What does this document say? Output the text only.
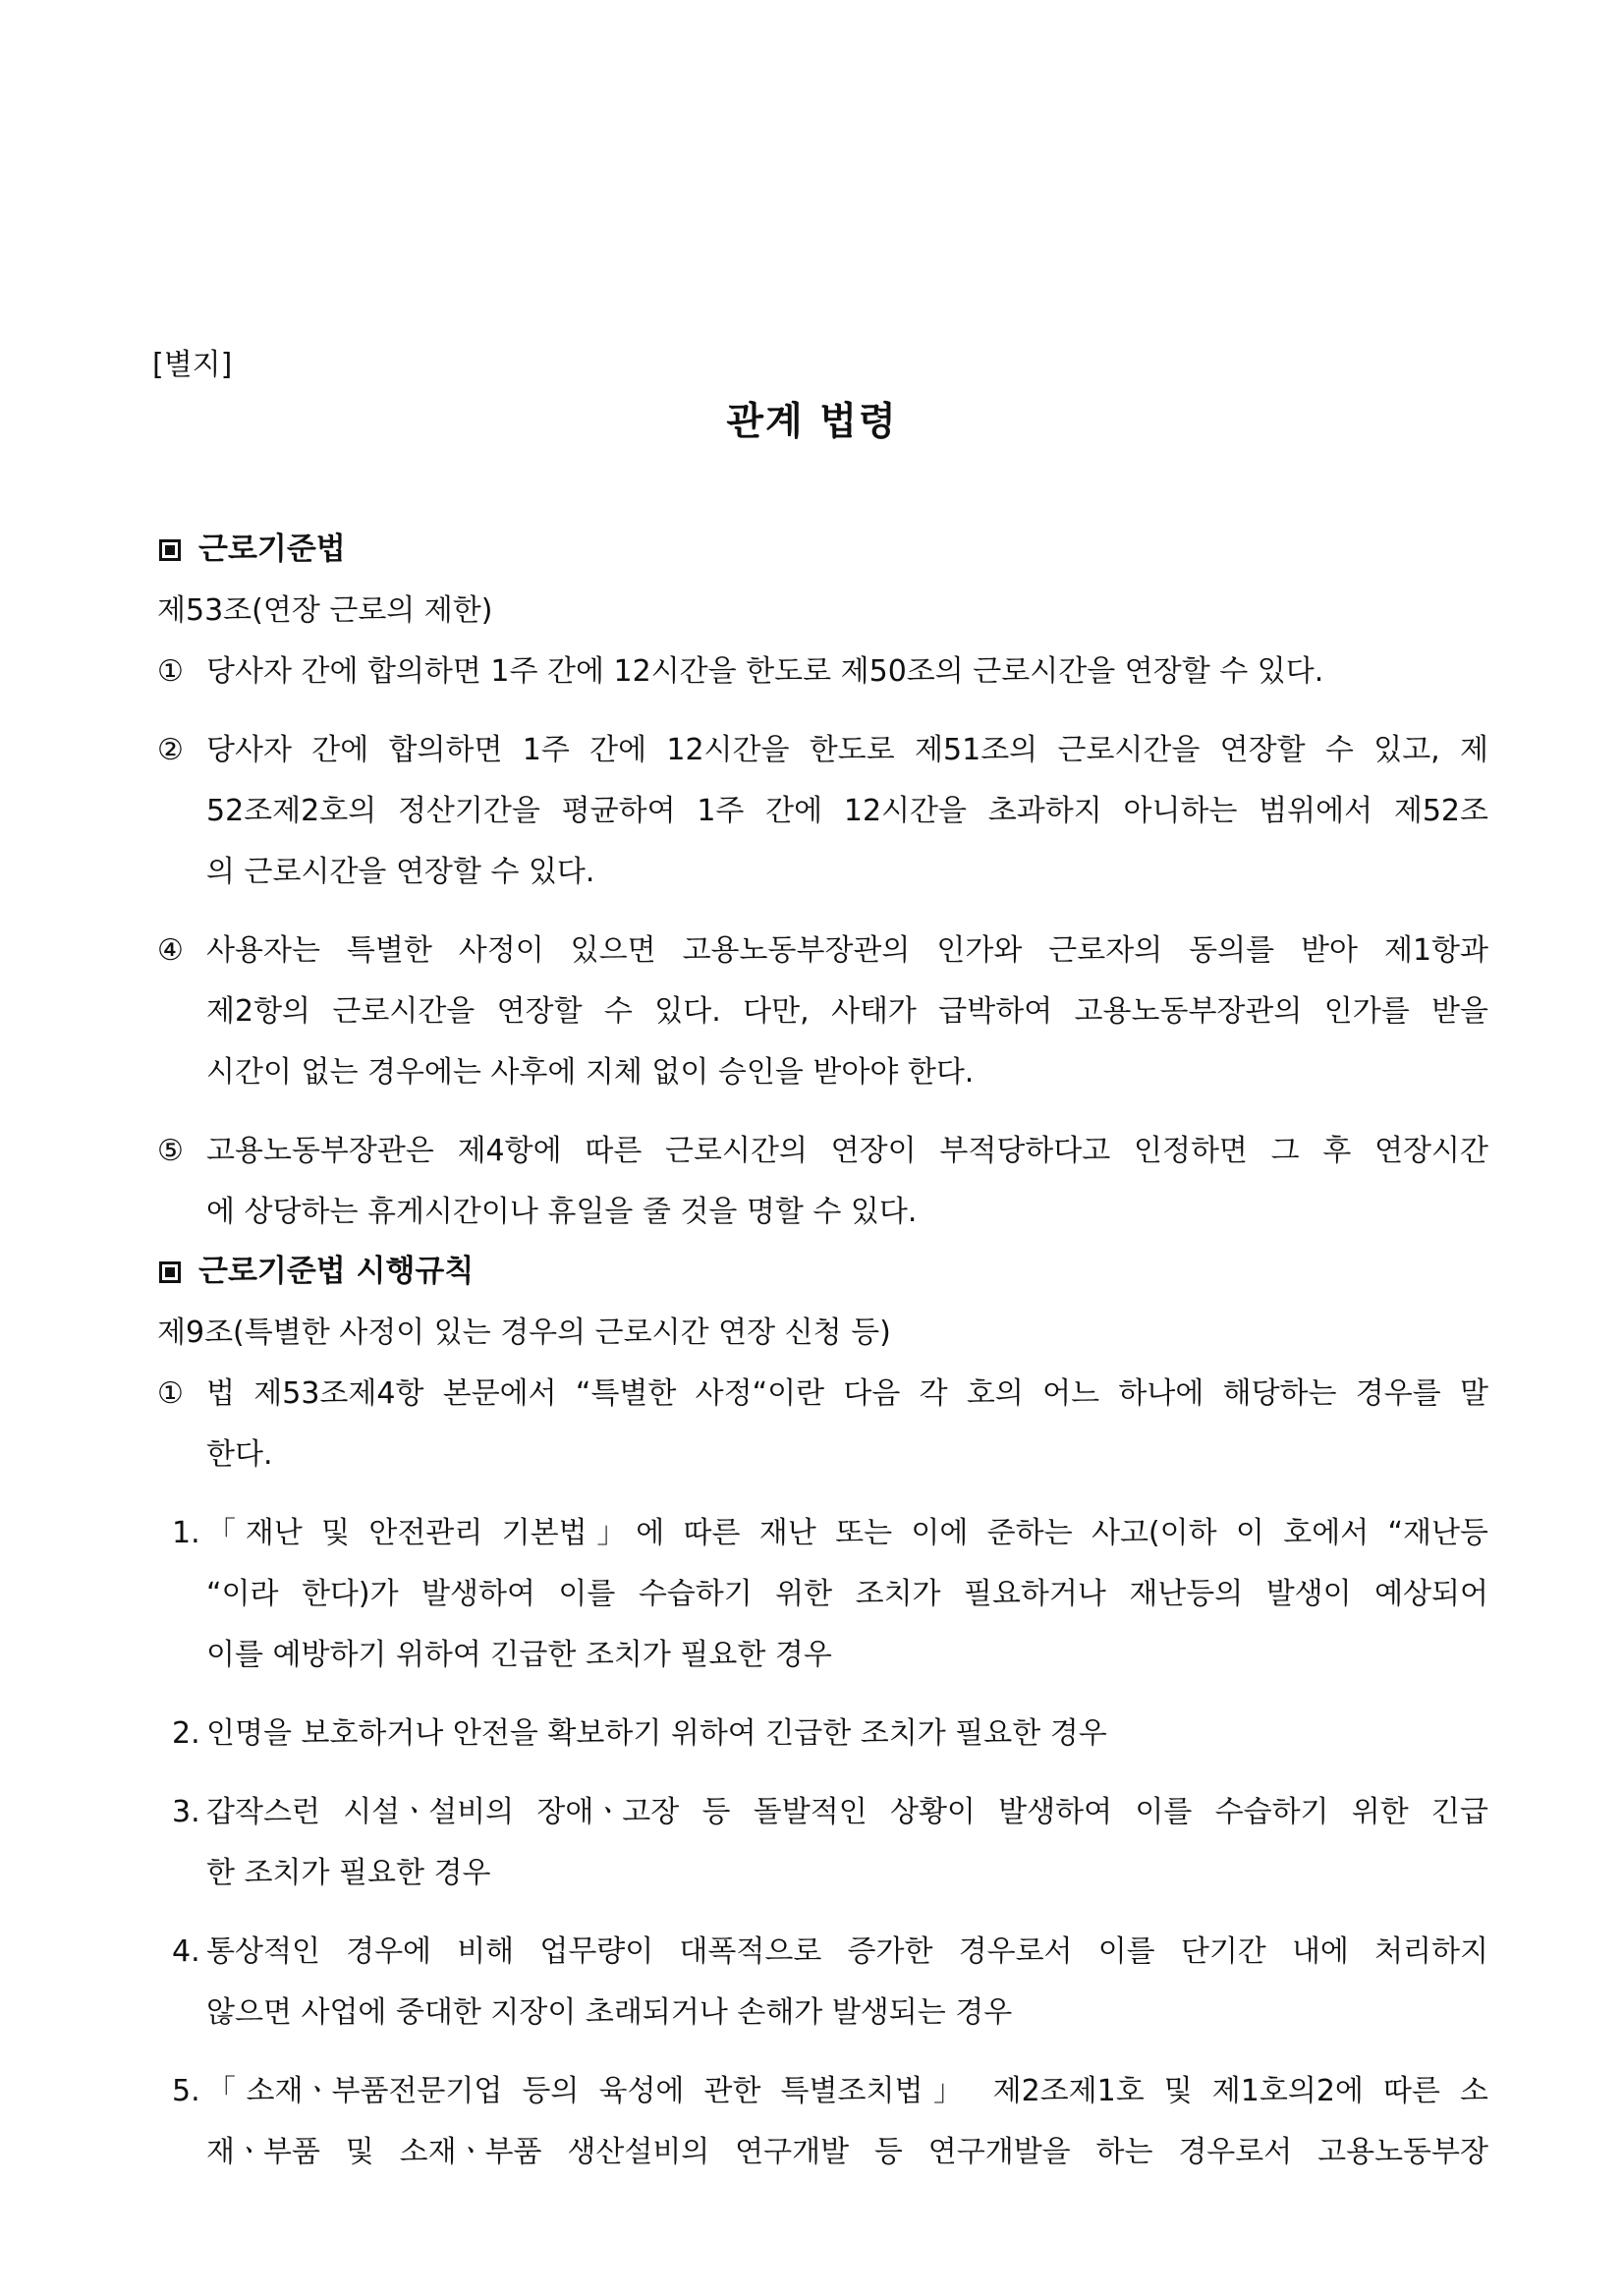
[별지]
관계 법령
근로기준법
제53조(연장 근로의 제한)
① 당사자 간에 합의하면 1주 간에 12시간을 한도로 제50조의 근로시간을 연장할 수 있다.
② 당사자 간에 합의하면 1주 간에 12시간을 한도로 제51조의 근로시간을 연장할 수 있고, 제
52조제2호의 정산기간을 평균하여 1주 간에 12시간을 초과하지 아니하는 범위에서 제52조
의 근로시간을 연장할 수 있다.
④ 사용자는 특별한 사정이 있으면 고용노동부장관의 인가와 근로자의 동의를 받아 제1항과
제2항의 근로시간을 연장할 수 있다. 다만, 사태가 급박하여 고용노동부장관의 인가를 받을
시간이 없는 경우에는 사후에 지체 없이 승인을 받아야 한다.
⑤ 고용노동부장관은 제4항에 따른 근로시간의 연장이 부적당하다고 인정하면 그 후 연장시간
에 상당하는 휴게시간이나 휴일을 줄 것을 명할 수 있다.
근로기준법 시행규칙
제9조(특별한 사정이 있는 경우의 근로시간 연장 신청 등)
① 법 제53조제4항 본문에서 “특별한 사정“이란 다음 각 호의 어느 하나에 해당하는 경우를 말
한다.
1. 「재난 및 안전관리 기본법」에 따른 재난 또는 이에 준하는 사고(이하 이 호에서 “재난등
“이라 한다)가 발생하여 이를 수습하기 위한 조치가 필요하거나 재난등의 발생이 예상되어
이를 예방하기 위하여 긴급한 조치가 필요한 경우
2. 인명을 보호하거나 안전을 확보하기 위하여 긴급한 조치가 필요한 경우
3. 갑작스런 시설ㆍ설비의 장애ㆍ고장 등 돌발적인 상황이 발생하여 이를 수습하기 위한 긴급
한 조치가 필요한 경우
4. 통상적인 경우에 비해 업무량이 대폭적으로 증가한 경우로서 이를 단기간 내에 처리하지
않으면 사업에 중대한 지장이 초래되거나 손해가 발생되는 경우
5. 「소재ㆍ부품전문기업 등의 육성에 관한 특별조치법」 제2조제1호 및 제1호의2에 따른 소
재ㆍ부품 및 소재ㆍ부품 생산설비의 연구개발 등 연구개발을 하는 경우로서 고용노동부장
